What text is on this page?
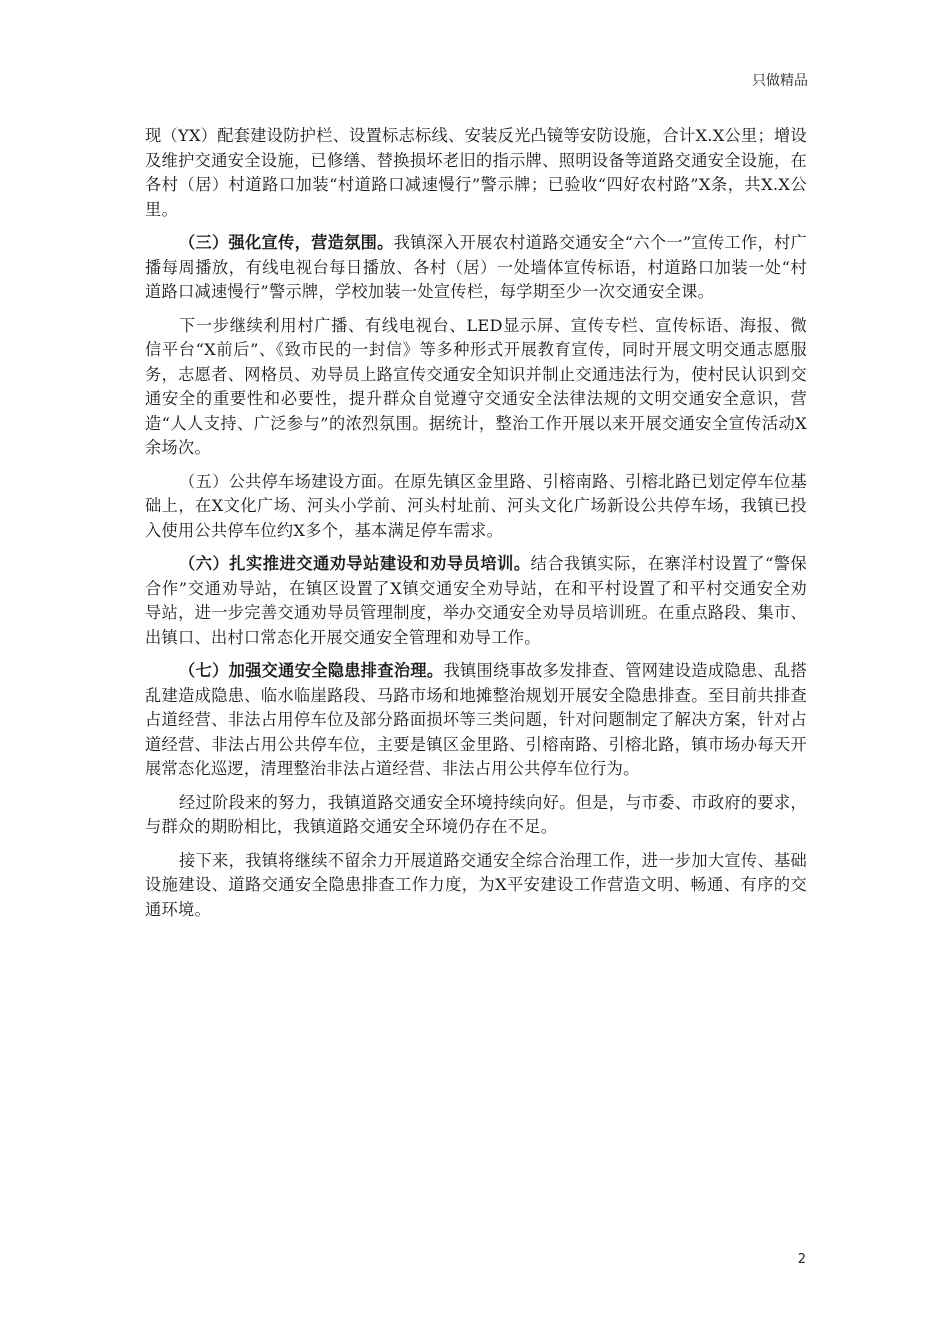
只做精品

现（YX）配套建设防护栏、设置标志标线、安装反光凸镜等安防设施，合计X.X公里；增设及维护交通安全设施，已修缮、替换损坏老旧的指示牌、照明设备等道路交通安全设施，在各村（居）村道路口加装“村道路口减速慢行”警示牌；已验收“四好农村路”X条，共X.X公里。

（三）强化宣传，营造氛围。我镇深入开展农村道路交通安全“六个一”宣传工作，村广播每周播放，有线电视台每日播放、各村（居）一处墙体宣传标语，村道路口加装一处“村道路口减速慢行”警示牌，学校加装一处宣传栏，每学期至少一次交通安全课。

下一步继续利用村广播、有线电视台、LED显示屏、宣传专栏、宣传标语、海报、微信平台“X前后”、《致市民的一封信》等多种形式开展教育宣传，同时开展文明交通志愿服务，志愿者、网格员、劝导员上路宣传交通安全知识并制止交通违法行为，使村民认识到交通安全的重要性和必要性，提升群众自觉遵守交通安全法律法规的文明交通安全意识，营造“人人支持、广泛参与”的浓烈氛围。据统计，整治工作开展以来开展交通安全宣传活动X余场次。

（五）公共停车场建设方面。在原先镇区金里路、引榕南路、引榕北路已划定停车位基础上，在X文化广场、河头小学前、河头村址前、河头文化广场新设公共停车场，我镇已投入使用公共停车位约X多个，基本满足停车需求。

（六）扎实推进交通劝导站建设和劝导员培训。结合我镇实际，在寨洋村设置了“警保合作”交通劝导站，在镇区设置了X镇交通安全劝导站，在和平村设置了和平村交通安全劝导站，进一步完善交通劝导员管理制度，举办交通安全劝导员培训班。在重点路段、集市、出镇口、出村口常态化开展交通安全管理和劝导工作。

（七）加强交通安全隐患排查治理。我镇围绕事故多发排查、管网建设造成隐患、乱搭乱建造成隐患、临水临崖路段、马路市场和地摊整治规划开展安全隐患排查。至目前共排查占道经营、非法占用停车位及部分路面损坏等三类问题，针对问题制定了解决方案，针对占道经营、非法占用公共停车位，主要是镇区金里路、引榕南路、引榕北路，镇市场办每天开展常态化巡逻，清理整治非法占道经营、非法占用公共停车位行为。

经过阶段来的努力，我镇道路交通安全环境持续向好。但是，与市委、市政府的要求，与群众的期盼相比，我镇道路交通安全环境仍存在不足。

接下来，我镇将继续不留余力开展道路交通安全综合治理工作，进一步加大宣传、基础设施建设、道路交通安全隐患排查工作力度，为X平安建设工作营造文明、畅通、有序的交通环境。

2
